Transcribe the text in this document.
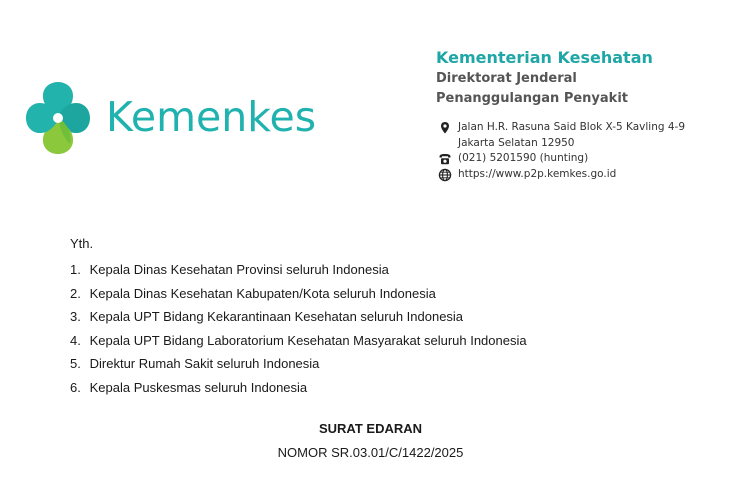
Kemenkes
Kementerian Kesehatan
Direktorat Jenderal
Penanggulangan Penyakit
Jalan H.R. Rasuna Said Blok X-5 Kavling 4-9
Jakarta Selatan 12950
(021) 5201590 (hunting)
https://www.p2p.kemkes.go.id
Yth.
1. Kepala Dinas Kesehatan Provinsi seluruh Indonesia
2. Kepala Dinas Kesehatan Kabupaten/Kota seluruh Indonesia
3. Kepala UPT Bidang Kekarantinaan Kesehatan seluruh Indonesia
4. Kepala UPT Bidang Laboratorium Kesehatan Masyarakat seluruh Indonesia
5. Direktur Rumah Sakit seluruh Indonesia
6. Kepala Puskesmas seluruh Indonesia
SURAT EDARAN
NOMOR SR.03.01/C/1422/2025
